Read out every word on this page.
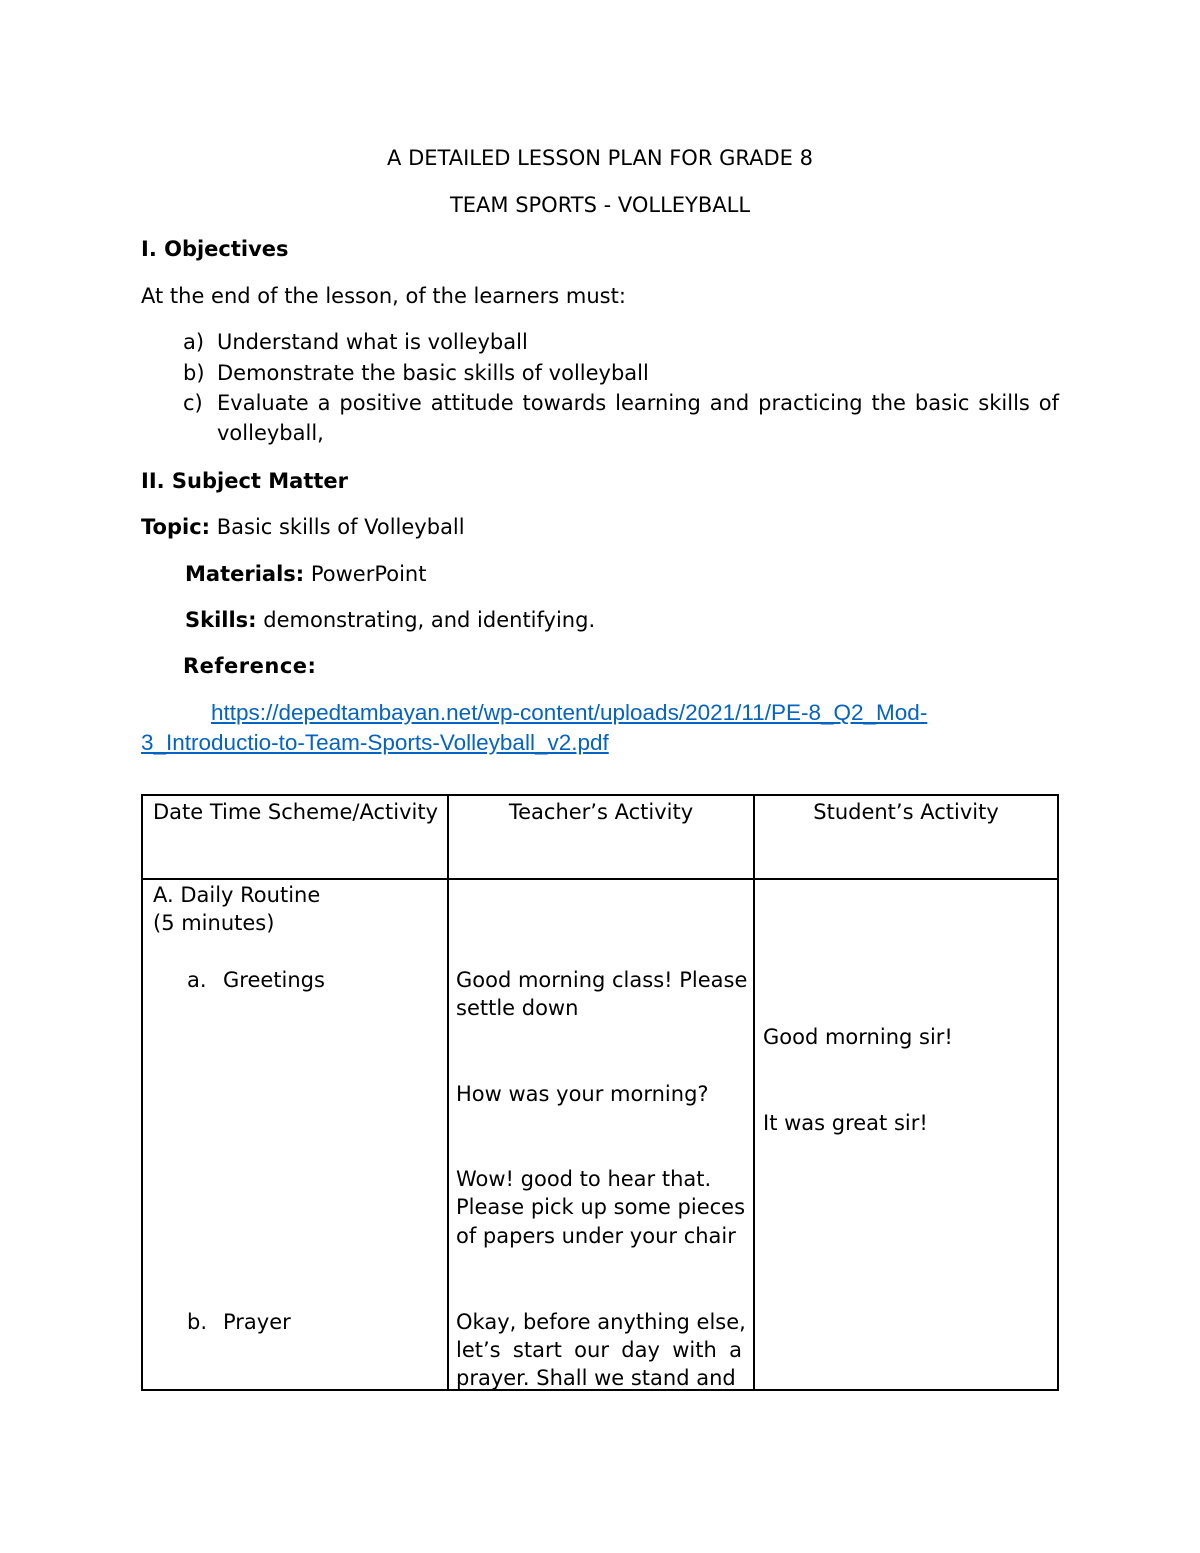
A DETAILED LESSON PLAN FOR GRADE 8
TEAM SPORTS - VOLLEYBALL
I. Objectives
At the end of the lesson, of the learners must:
a) Understand what is volleyball
b) Demonstrate the basic skills of volleyball
c) Evaluate a positive attitude towards learning and practicing the basic skills of
volleyball,
II. Subject Matter
Topic: Basic skills of Volleyball
Materials: PowerPoint
Skills: demonstrating, and identifying.
Reference:
https://depedtambayan.net/wp-content/uploads/2021/11/PE-8_Q2_Mod-
3_Introductio-to-Team-Sports-Volleyball_v2.pdf
Date Time Scheme/Activity	Teacher’s Activity	Student’s Activity
A. Daily Routine
(5 minutes)
a. Greetings
b. Prayer
Good morning class! Please
settle down
How was your morning?
Wow! good to hear that.
Please pick up some pieces
of papers under your chair
Okay, before anything else,
let’s start our day with a
prayer. Shall we stand and
Good morning sir!
It was great sir!
